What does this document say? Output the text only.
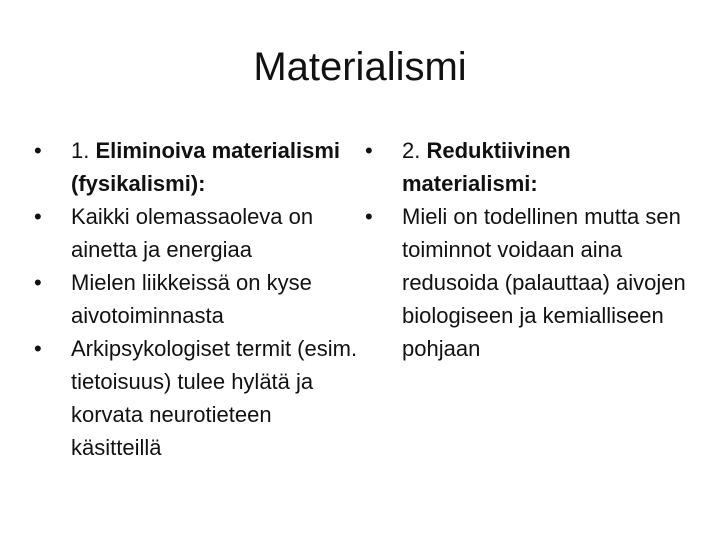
Materialismi
•	1. Eliminoiva materialismi (fysikalismi):
•	Kaikki olemassaoleva on ainetta ja energiaa
•	Mielen liikkeissä on kyse aivotoiminnasta
•	Arkipsykologiset termit (esim. tietoisuus) tulee hylätä ja korvata neurotieteen käsitteillä
•	2. Reduktiivinen materialismi:
•	Mieli on todellinen mutta sen toiminnot voidaan aina redusoida (palauttaa) aivojen biologiseen ja kemialliseen pohjaan
